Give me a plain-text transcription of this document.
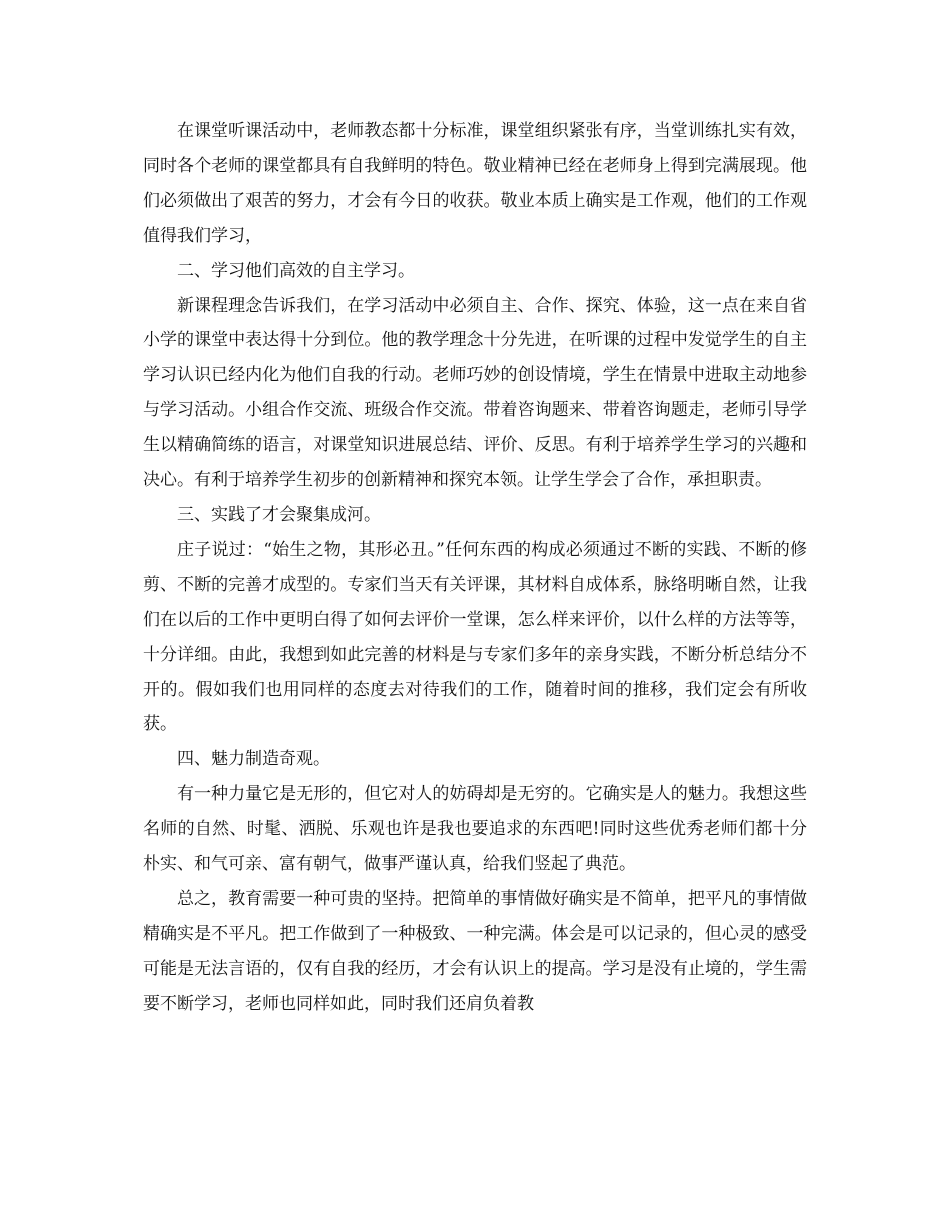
在课堂听课活动中，老师教态都十分标准，课堂组织紧张有序，当堂训练扎实有效，同时各个老师的课堂都具有自我鲜明的特色。敬业精神已经在老师身上得到完满展现。他们必须做出了艰苦的努力，才会有今日的收获。敬业本质上确实是工作观，他们的工作观值得我们学习，

二、学习他们高效的自主学习。

新课程理念告诉我们，在学习活动中必须自主、合作、探究、体验，这一点在来自省小学的课堂中表达得十分到位。他的教学理念十分先进，在听课的过程中发觉学生的自主学习认识已经内化为他们自我的行动。老师巧妙的创设情境，学生在情景中进取主动地参与学习活动。小组合作交流、班级合作交流。带着咨询题来、带着咨询题走，老师引导学生以精确简练的语言，对课堂知识进展总结、评价、反思。有利于培养学生学习的兴趣和决心。有利于培养学生初步的创新精神和探究本领。让学生学会了合作，承担职责。

三、实践了才会聚集成河。

庄子说过：“始生之物，其形必丑。”任何东西的构成必须通过不断的实践、不断的修剪、不断的完善才成型的。专家们当天有关评课，其材料自成体系，脉络明晰自然，让我们在以后的工作中更明白得了如何去评价一堂课，怎么样来评价，以什么样的方法等等，十分详细。由此，我想到如此完善的材料是与专家们多年的亲身实践，不断分析总结分不开的。假如我们也用同样的态度去对待我们的工作，随着时间的推移，我们定会有所收获。

四、魅力制造奇观。

有一种力量它是无形的，但它对人的妨碍却是无穷的。它确实是人的魅力。我想这些名师的自然、时髦、洒脱、乐观也许是我也要追求的东西吧!同时这些优秀老师们都十分朴实、和气可亲、富有朝气，做事严谨认真，给我们竖起了典范。

总之，教育需要一种可贵的坚持。把简单的事情做好确实是不简单，把平凡的事情做精确实是不平凡。把工作做到了一种极致、一种完满。体会是可以记录的，但心灵的感受可能是无法言语的，仅有自我的经历，才会有认识上的提高。学习是没有止境的，学生需要不断学习，老师也同样如此，同时我们还肩负着教
